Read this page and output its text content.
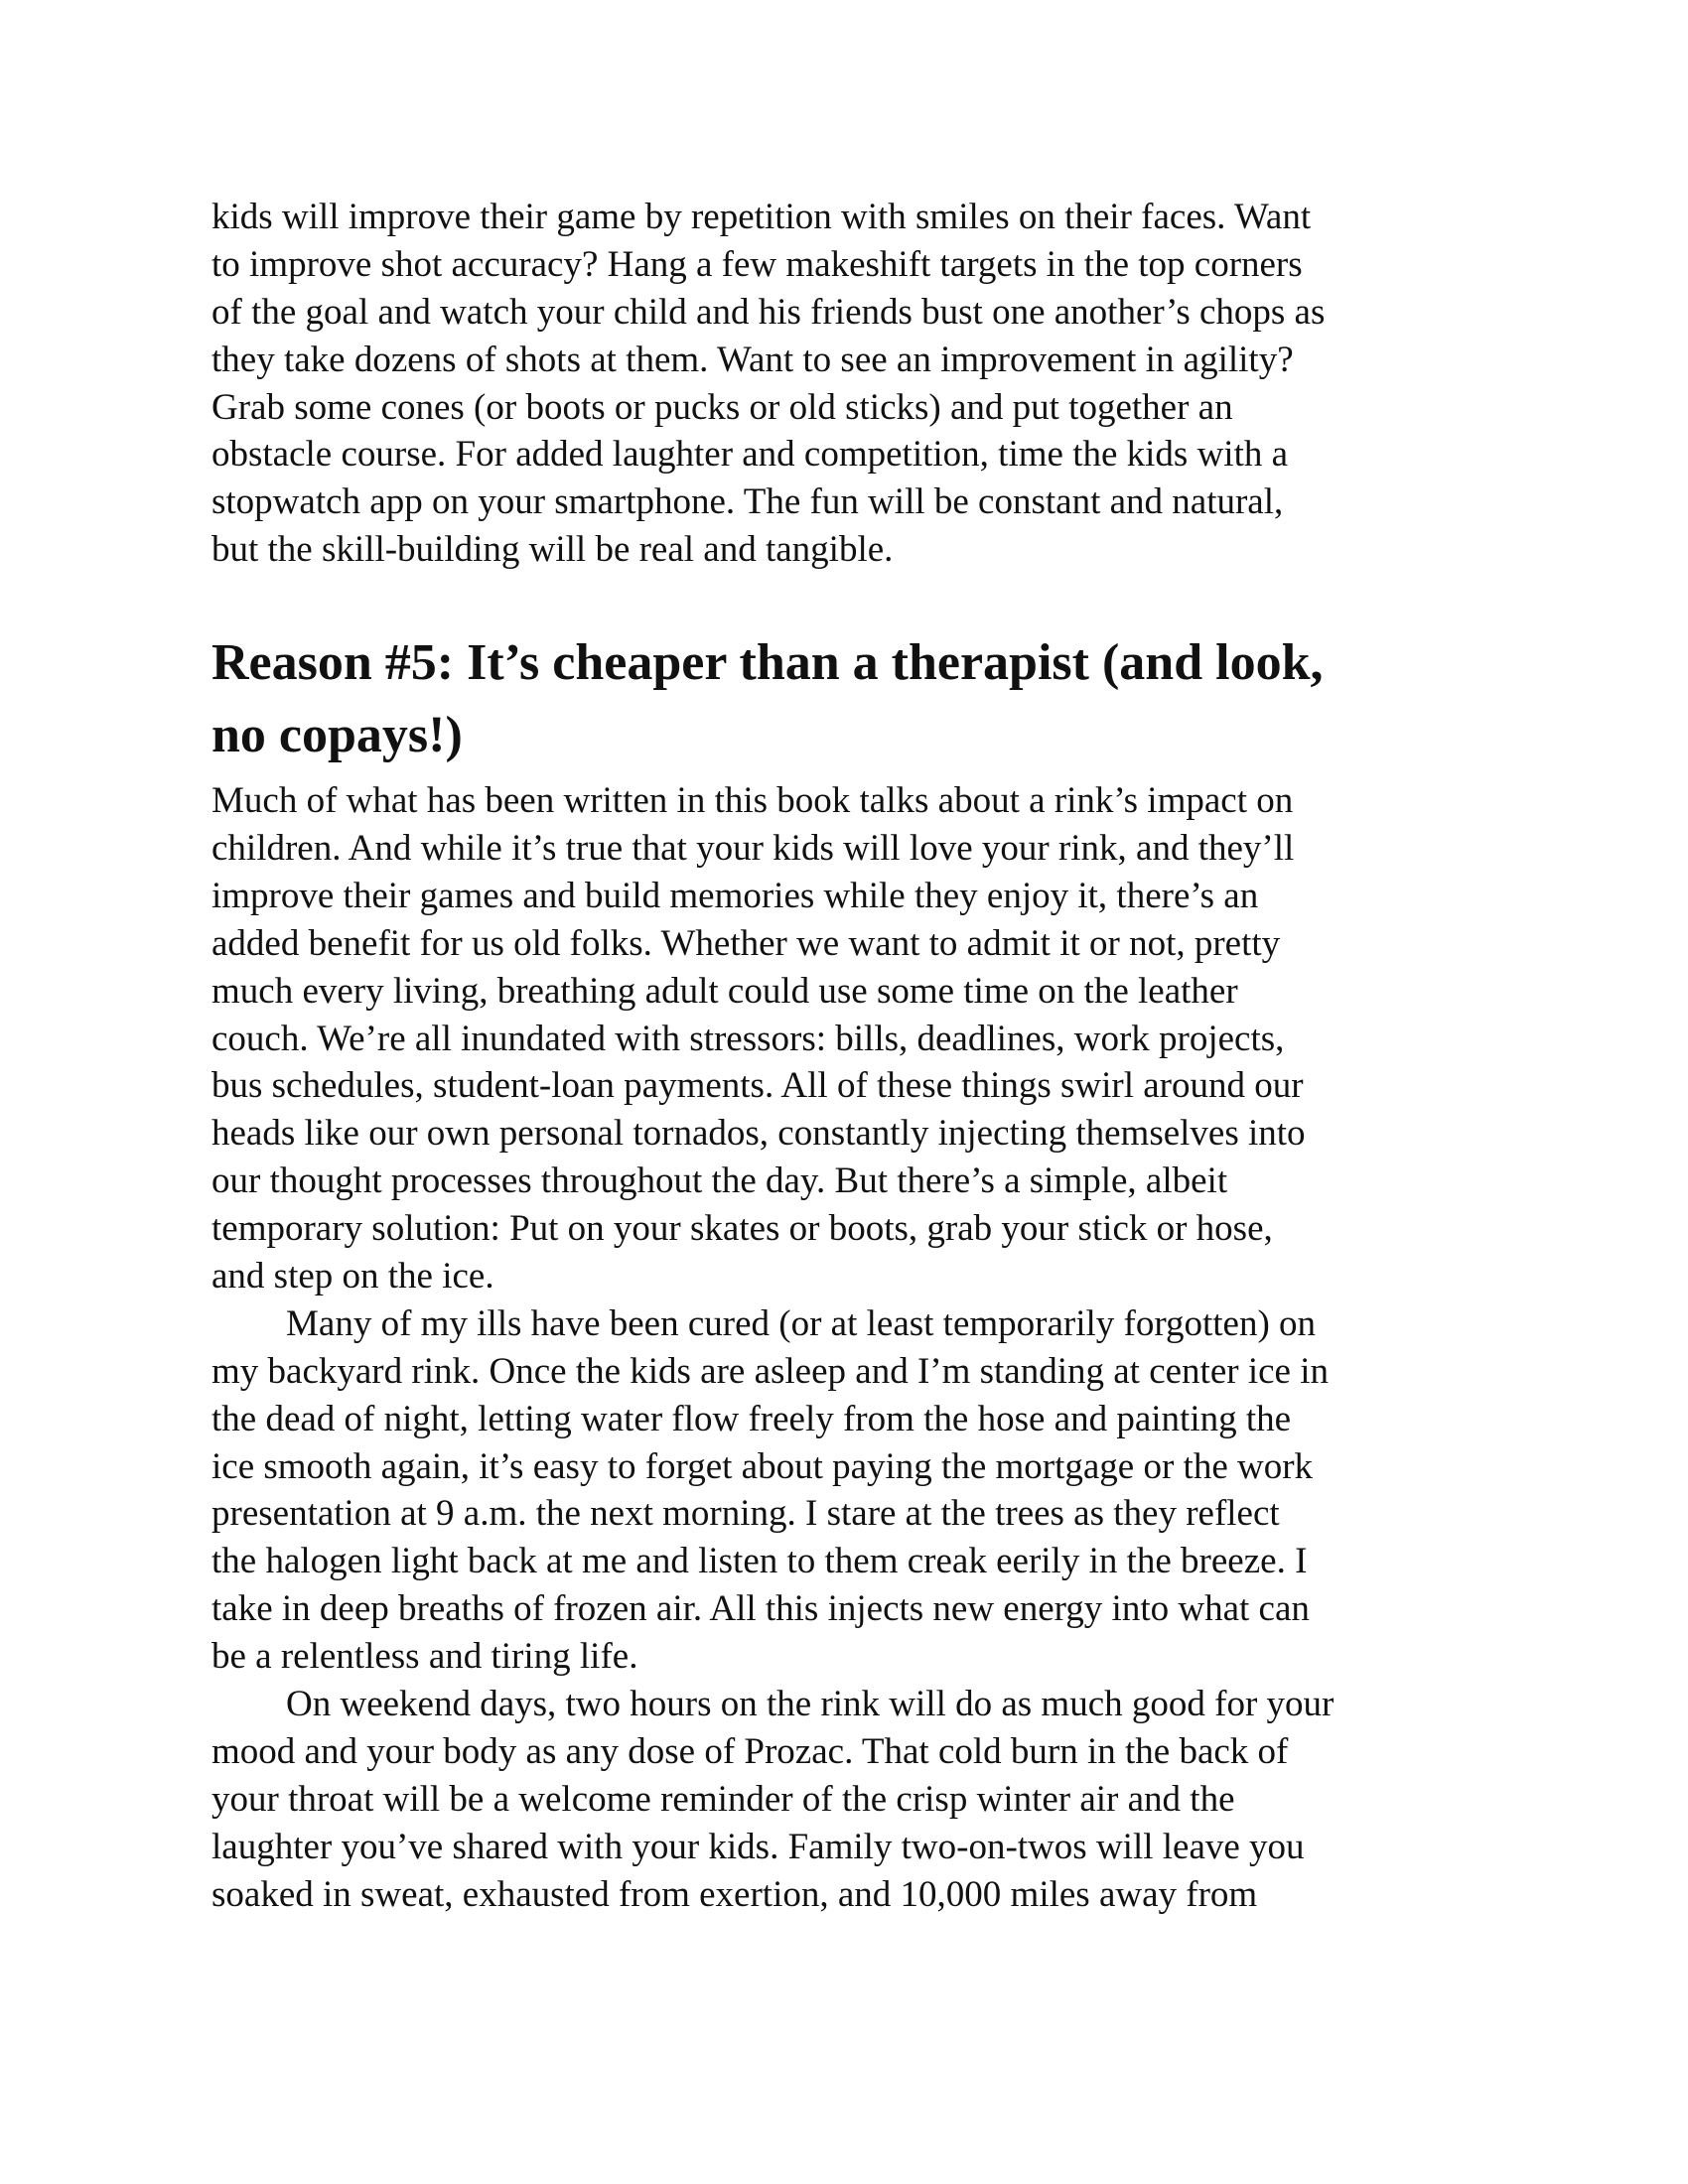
kids will improve their game by repetition with smiles on their faces. Want
to improve shot accuracy? Hang a few makeshift targets in the top corners
of the goal and watch your child and his friends bust one another’s chops as
they take dozens of shots at them. Want to see an improvement in agility?
Grab some cones (or boots or pucks or old sticks) and put together an
obstacle course. For added laughter and competition, time the kids with a
stopwatch app on your smartphone. The fun will be constant and natural,
but the skill-building will be real and tangible.
Reason #5: It’s cheaper than a therapist (and look,
no copays!)
Much of what has been written in this book talks about a rink’s impact on
children. And while it’s true that your kids will love your rink, and they’ll
improve their games and build memories while they enjoy it, there’s an
added benefit for us old folks. Whether we want to admit it or not, pretty
much every living, breathing adult could use some time on the leather
couch. We’re all inundated with stressors: bills, deadlines, work projects,
bus schedules, student-loan payments. All of these things swirl around our
heads like our own personal tornados, constantly injecting themselves into
our thought processes throughout the day. But there’s a simple, albeit
temporary solution: Put on your skates or boots, grab your stick or hose,
and step on the ice.
Many of my ills have been cured (or at least temporarily forgotten) on
my backyard rink. Once the kids are asleep and I’m standing at center ice in
the dead of night, letting water flow freely from the hose and painting the
ice smooth again, it’s easy to forget about paying the mortgage or the work
presentation at 9 a.m. the next morning. I stare at the trees as they reflect
the halogen light back at me and listen to them creak eerily in the breeze. I
take in deep breaths of frozen air. All this injects new energy into what can
be a relentless and tiring life.
On weekend days, two hours on the rink will do as much good for your
mood and your body as any dose of Prozac. That cold burn in the back of
your throat will be a welcome reminder of the crisp winter air and the
laughter you’ve shared with your kids. Family two-on-twos will leave you
soaked in sweat, exhausted from exertion, and 10,000 miles away from
